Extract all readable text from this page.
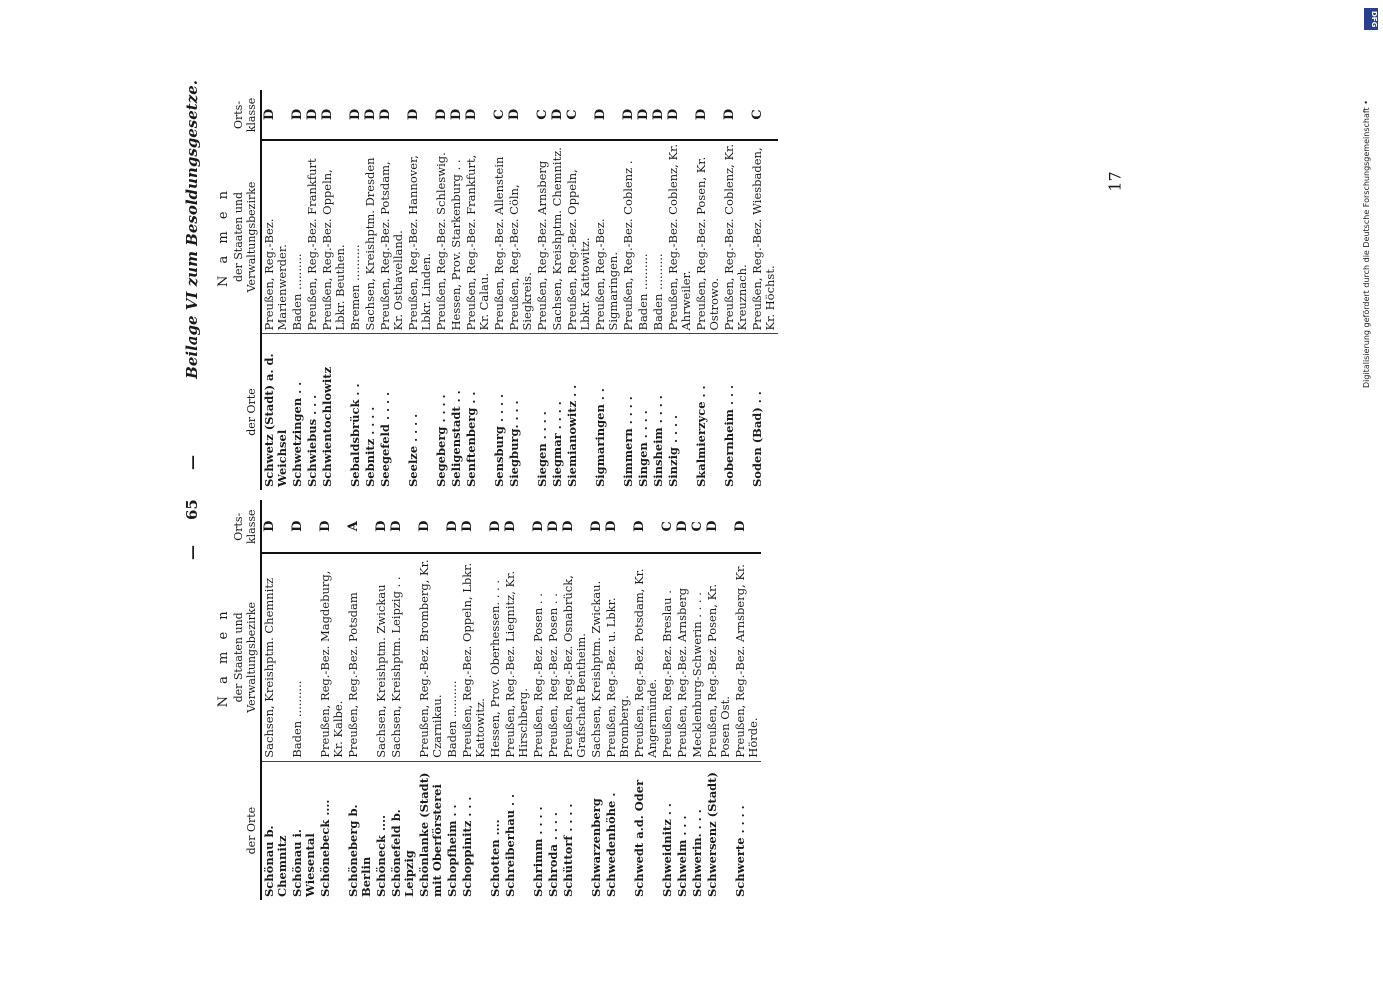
—
65
—
Beilage VI zum Besoldungsgesetze.
der Orte	N a m e n	Orts-klasse
	der Staaten und Verwaltungsbezirke	
Schönau b. Chemnitz	Sachsen, Kreishptm. Chemnitz	D
Schönau i. Wiesental	Baden ..........	D
Schönebeck ....	Preußen, Reg.-Bez. Magdeburg, Kr. Kalbe.	D
Schöneberg b. Berlin	Preußen, Reg.-Bez. Potsdam	A
Schöneck ....	Sachsen, Kreishptm. Zwickau	D
Schönefeld b. Leipzig	Sachsen, Kreishptm. Leipzig . .	D
Schönlanke (Stadt) mit Oberförsterei	Preußen, Reg.-Bez. Bromberg, Kr. Czarnikau.	D
Schopfheim . .	Baden ..........	D
Schoppinitz . . .	Preußen, Reg.-Bez. Oppeln, Lbkr. Kattowitz.	D
Schotten ....	Hessen, Prov. Oberhessen. . . .	D
Schreiberhau . .	Preußen, Reg.-Bez. Liegnitz, Kr. Hirschberg.	D
Schrimm . . . .	Preußen, Reg.-Bez. Posen . .	D
Schroda . . . .	Preußen, Reg.-Bez. Posen . .	D
Schüttorf . . . .	Preußen, Reg.-Bez. Osnabrück, Grafschaft Bentheim.	D
Schwarzenberg	Sachsen, Kreishptm. Zwickau.	D
Schwedenhöhe .	Preußen, Reg.-Bez. u. Lbkr. Bromberg.	D
Schwedt a.d. Oder	Preußen, Reg.-Bez. Potsdam, Kr. Angermünde.	D
Schweidnitz . .	Preußen, Reg.-Bez. Breslau .	C
Schwelm . . .	Preußen, Reg.-Bez. Arnsberg	D
Schwerin. . . .	Mecklenburg-Schwerin . . . .	C
Schwersenz (Stadt)	Preußen, Reg.-Bez. Posen, Kr. Posen Ost.	D
Schwerte . . . .	Preußen, Reg.-Bez. Arnsberg, Kr. Hörde.	D
der Orte	N a m e n	Orts-klasse
	der Staaten und Verwaltungsbezirke	
Schwetz (Stadt) a. d. Weichsel	Preußen, Reg.-Bez. Marienwerder.	D
Schwetzingen . .	Baden ..........	D
Schwiebus . . .	Preußen, Reg.-Bez. Frankfurt	D
Schwientochlowitz	Preußen, Reg.-Bez. Oppeln, Lbkr. Beuthen.	D
Sebaldsbrück . .	Bremen ..........	D
Sebnitz . . . .	Sachsen, Kreishptm. Dresden	D
Seegefeld . . . .	Preußen, Reg.-Bez. Potsdam, Kr. Osthavelland.	D
Seelze . . . .	Preußen, Reg.-Bez. Hannover, Lbkr. Linden.	D
Segeberg . . . .	Preußen, Reg.-Bez. Schleswig.	D
Seligenstadt . .	Hessen, Prov. Starkenburg . .	D
Senftenberg . .	Preußen, Reg.-Bez. Frankfurt, Kr. Calau.	D
Sensburg . . . .	Preußen, Reg.-Bez. Allenstein	C
Siegburg. . . .	Preußen, Reg.-Bez. Cöln, Siegkreis.	D
Siegen . . . .	Preußen, Reg.-Bez. Arnsberg	C
Siegmar . . . .	Sachsen, Kreishptm. Chemnitz.	D
Siemianowitz . .	Preußen, Reg.-Bez. Oppeln, Lbkr. Kattowitz.	C
Sigmaringen . .	Preußen, Reg.-Bez. Sigmaringen.	D
Simmern . . . .	Preußen, Reg.-Bez. Coblenz .	D
Singen . . . .	Baden ..........	D
Sinsheim . . . .	Baden ..........	D
Sinzig . . . .	Preußen, Reg.-Bez. Coblenz, Kr. Ahrweiler.	D
Skalmierzyce . .	Preußen, Reg.-Bez. Posen, Kr. Ostrowo.	D
Sobernheim . . .	Preußen, Reg.-Bez. Coblenz, Kr. Kreuznach.	D
Soden (Bad) . .	Preußen, Reg.-Bez. Wiesbaden, Kr. Höchst.	C
17
DFG
Digitalisierung gefördert durch die Deutsche Forschungsgemeinschaft •
